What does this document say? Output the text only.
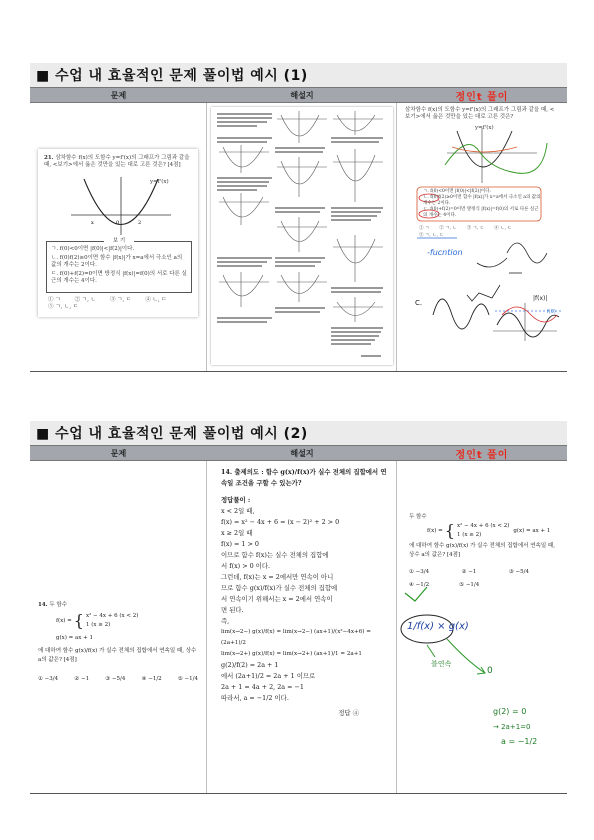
■ 수업 내 효율적인 문제 풀이법 예시 (1)
문제	해설지	정인t 풀이
21. 삼차함수 f(x)의 도함수 y=f'(x)의 그래프가 그림과 같을 때, <보기>에서 옳은 것만을 있는 대로 고른 것은? [4점]
0	2
x
y=f'(x)
보 기
ㄱ. f(0)<0이면 |f(0)|<|f(2)|이다.
ㄴ. f(0)f(2)≥0이면 함수 |f(x)|가 x=a에서 극소인 a의 값의 개수는 2이다.
ㄷ. f(0)+f(2)=0이면 방정식 |f(x)|=f(0)의 서로 다른 실근의 개수는 4이다.
① ㄱ	② ㄱ, ㄴ	③ ㄱ, ㄷ	④ ㄴ, ㄷ
⑤ ㄱ, ㄴ, ㄷ
삼차함수 f(x)의 도함수 y=f'(x)의 그래프가 그림과 같을 때, <보기>에서 옳은 것만을 있는 대로 고른 것은?
y=f'(x)
ㄱ. f(0)<0이면 |f(0)|<|f(2)|이다.
ㄴ. f(0)f(2)≥0이면 함수 |f(x)|가 x=a에서 극소인 a의 값의 개수는 2이다.
ㄷ. f(0)+f(2)=0이면 방정식 |f(x)|=f(0)의 서로 다른 실근의 개수는 4이다.
① ㄱ ② ㄱ, ㄴ ③ ㄱ, ㄷ ④ ㄴ, ㄷ
⑤ ㄱ, ㄴ, ㄷ
-fucntion
C.
|f(x)|
f(0)
■ 수업 내 효율적인 문제 풀이법 예시 (2)
문제	해설지	정인t 풀이
14. 두 함수
f(x) = { x² − 4x + 6 (x < 2)
1 (x ≥ 2)
g(x) = ax + 1
에 대하여 함수 g(x)/f(x) 가 실수 전체의 집합에서 연속일 때, 상수 a의 값은? [4점]
① −3/4	② −1	③ −5/4	④ −1/2	⑤ −1/4
14. 출제의도 : 함수 g(x)/f(x)가 실수 전체의 집합에서 연속일 조건을 구할 수 있는가?
정답풀이 :
x < 2일 때,
f(x) = x² − 4x + 6 = (x − 2)² + 2 > 0
x ≥ 2일 때
f(x) = 1 > 0
이므로 함수 f(x)는 실수 전체의 집합에
서 f(x) > 0 이다.
그런데, f(x)는 x = 2에서만 연속이 아니
므로 함수 g(x)/f(x)가 실수 전체의 집합에
서 연속이기 위해서는 x = 2에서 연속이
면 된다.
즉,
lim(x→2−) g(x)/f(x) = lim(x→2−) (ax+1)/(x²−4x+6) = (2a+1)/2
lim(x→2+) g(x)/f(x) = lim(x→2+) (ax+1)/1 = 2a+1
g(2)/f(2) = 2a + 1
에서 (2a+1)/2 = 2a + 1 이므로
2a + 1 = 4a + 2, 2a = −1
따라서, a = −1/2 이다.
정답 ④
두 함수
f(x) = { x² − 4x + 6 (x < 2)
1 (x ≥ 2)
g(x) = ax + 1
에 대하여 함수 g(x)/f(x) 가 실수 전체의 집합에서 연속일 때, 상수 a의 값은? [4점]
① −3/4	② −1	③ −5/4
④ −1/2	⑤ −1/4
1/f(x) × g(x)
0
블연속
g(2) = 0
→ 2a+1=0
a = −1/2
